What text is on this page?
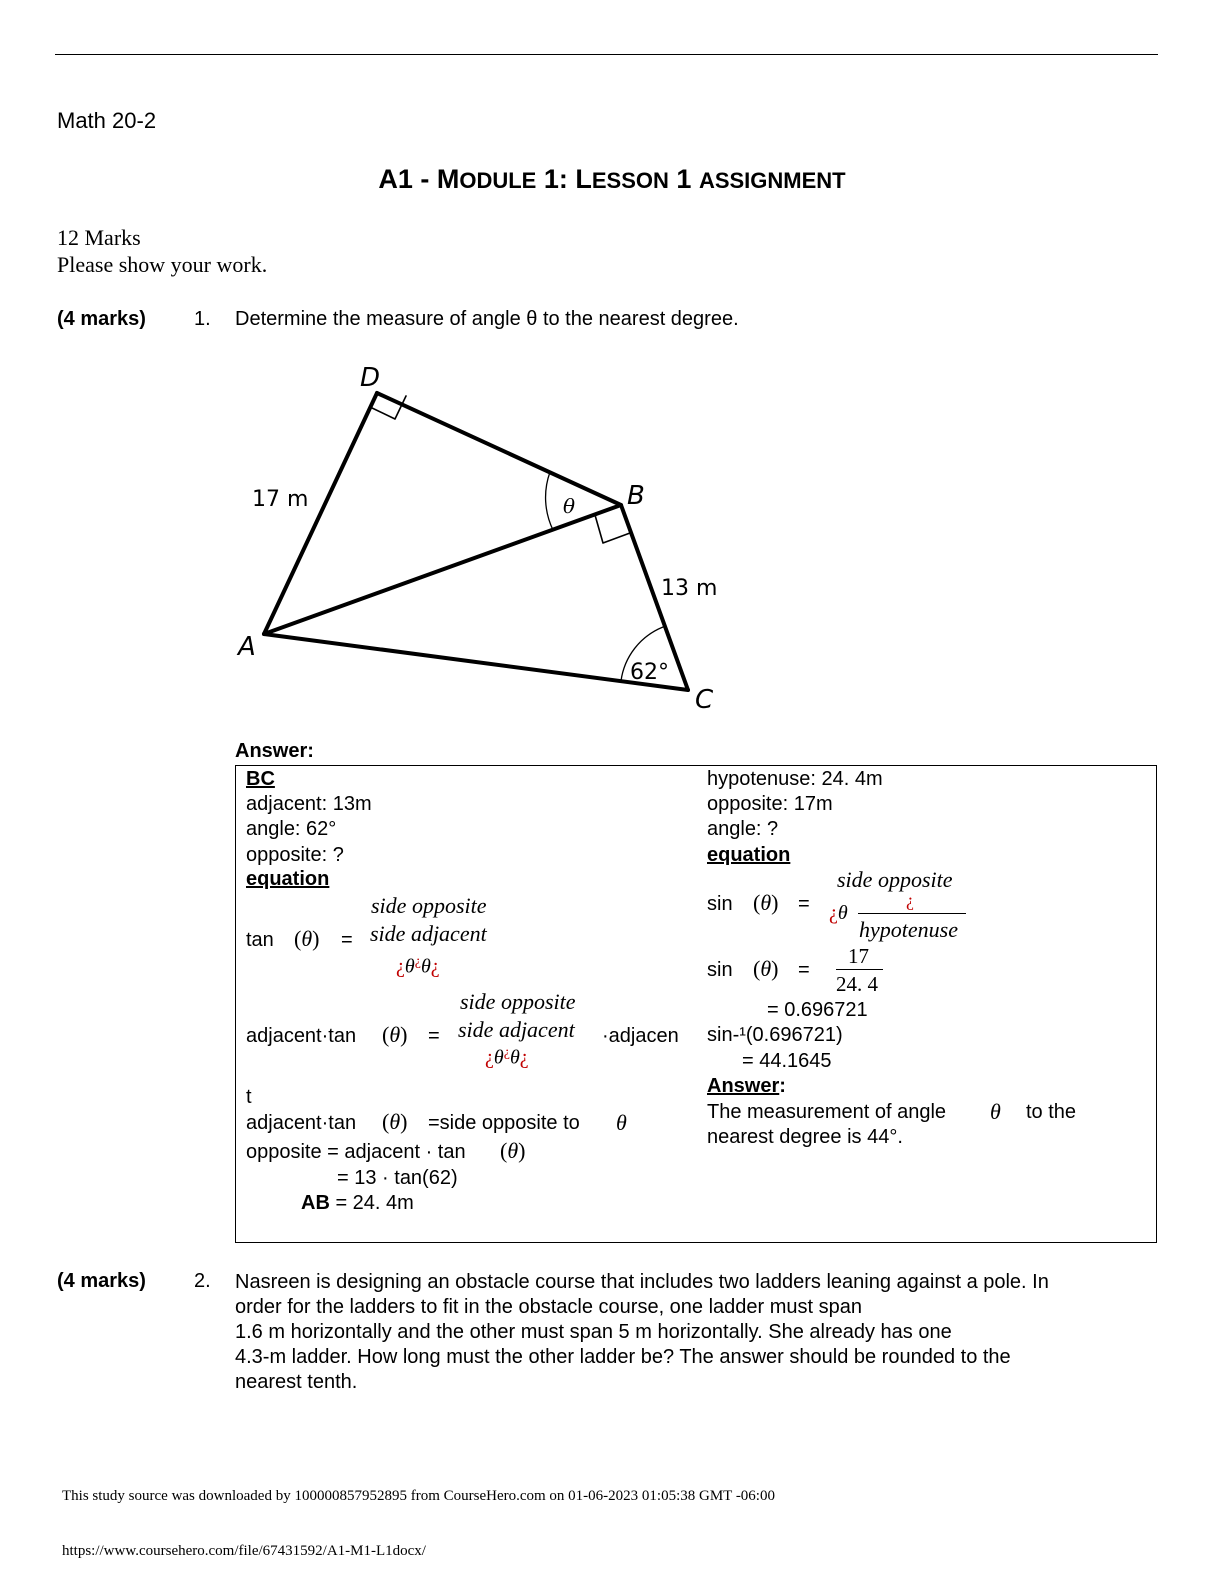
Math 20-2
A1 - MODULE 1: LESSON 1 ASSIGNMENT
12 Marks
Please show your work.
(4 marks) 1. Determine the measure of angle θ to the nearest degree.
D
B
A
C
17 m
13 m
62°
θ
Answer:
BC
adjacent: 13m
angle: 62°
opposite: ?
equation
side opposite
tan (θ) = side adjacent
¿θ¿θ¿
side opposite
adjacent·tan (θ) = side adjacent ·adjacen
¿θ¿θ¿
t
adjacent·tan (θ) =side opposite to θ
opposite = adjacent · tan (θ)
= 13 · tan(62)
AB = 24. 4m
hypotenuse: 24. 4m
opposite: 17m
angle: ?
equation
side opposite
¿
sin (θ) = ¿θ
hypotenuse
17
sin (θ) =
24. 4
= 0.696721
sin-¹(0.696721)
= 44.1645
Answer:
The measurement of angle θ to the
nearest degree is 44°.
(4 marks) 2. Nasreen is designing an obstacle course that includes two ladders leaning against a pole. In
order for the ladders to fit in the obstacle course, one ladder must span
1.6 m horizontally and the other must span 5 m horizontally. She already has one
4.3-m ladder. How long must the other ladder be? The answer should be rounded to the
nearest tenth.
This study source was downloaded by 100000857952895 from CourseHero.com on 01-06-2023 01:05:38 GMT -06:00
https://www.coursehero.com/file/67431592/A1-M1-L1docx/
